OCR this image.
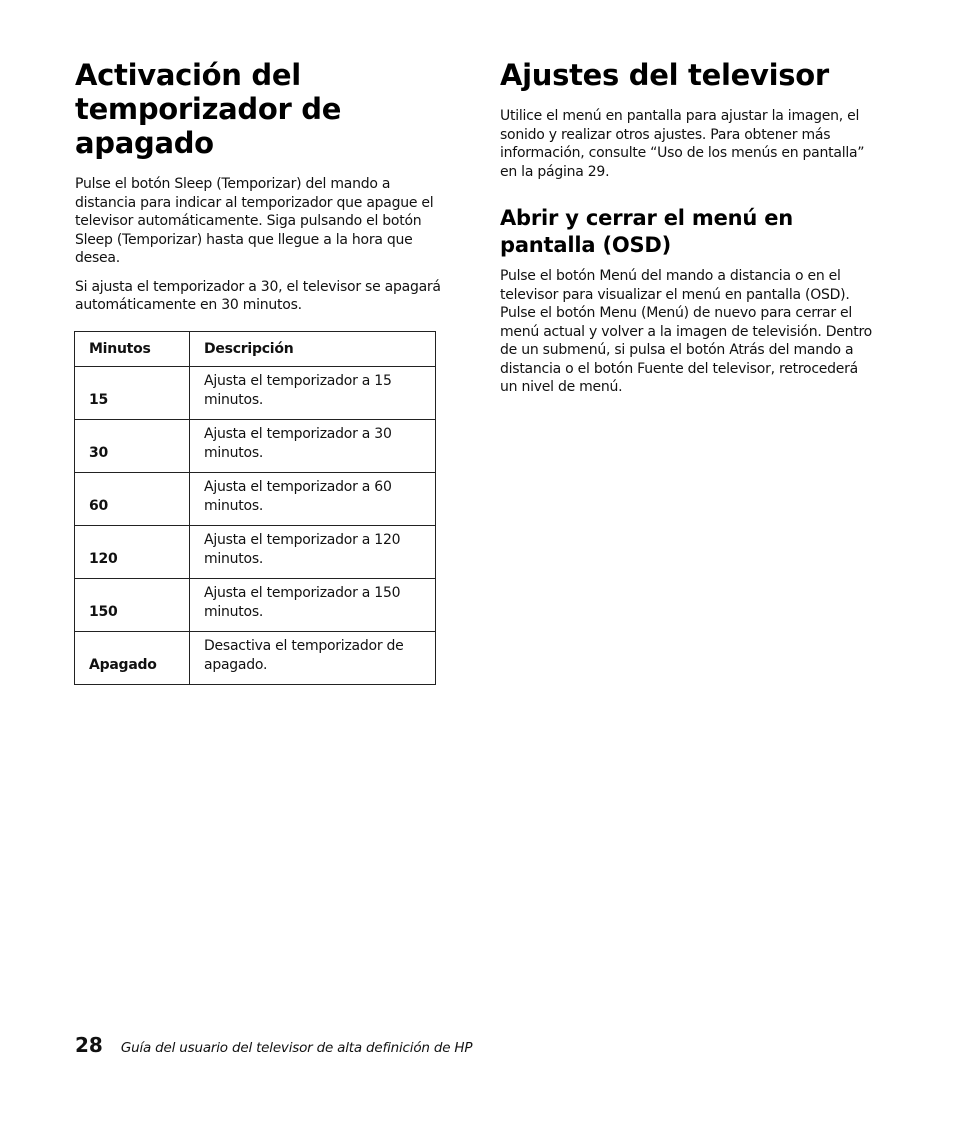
Activación del temporizador de apagado

Pulse el botón Sleep (Temporizar) del mando a distancia para indicar al temporizador que apague el televisor automáticamente. Siga pulsando el botón Sleep (Temporizar) hasta que llegue a la hora que desea.

Si ajusta el temporizador a 30, el televisor se apagará automáticamente en 30 minutos.

Minutos	Descripción
15	Ajusta el temporizador a 15 minutos.
30	Ajusta el temporizador a 30 minutos.
60	Ajusta el temporizador a 60 minutos.
120	Ajusta el temporizador a 120 minutos.
150	Ajusta el temporizador a 150 minutos.
Apagado	Desactiva el temporizador de apagado.
Ajustes del televisor

Utilice el menú en pantalla para ajustar la imagen, el sonido y realizar otros ajustes. Para obtener más información, consulte “Uso de los menús en pantalla” en la página 29.

Abrir y cerrar el menú en pantalla (OSD)

Pulse el botón Menú del mando a distancia o en el televisor para visualizar el menú en pantalla (OSD). Pulse el botón Menu (Menú) de nuevo para cerrar el menú actual y volver a la imagen de televisión. Dentro de un submenú, si pulsa el botón Atrás del mando a distancia o el botón Fuente del televisor, retrocederá un nivel de menú.

28 Guía del usuario del televisor de alta definición de HP
